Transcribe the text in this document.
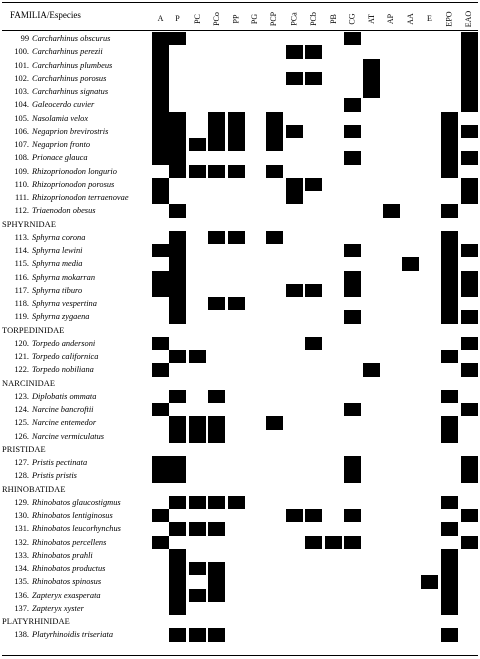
FAMILIA/Especies	A P PC PCo PP PG PCP PCa PCb PB CG AT AP AA E EPO EAO
99 Carcharhinus obscurus
100. Carcharhinus perezii
101. Carcharhinus plumbeus
102. Carcharhinus porosus
103. Carcharhinus signatus
104. Galeocerdo cuvier
105. Nasolamia velox
106. Negaprion brevirostris
107. Negaprion fronto
108. Prionace glauca
109. Rhizoprionodon longurio
110. Rhizoprionodon porosus
111. Rhizoprionodon terraenovae
112. Triaenodon obesus
SPHYRNIDAE
113. Sphyrna corona
114. Sphyrna lewini
115. Sphyrna media
116. Sphyrna mokarran
117. Sphyrna tiburo
118. Sphyrna vespertina
119. Sphyrna zygaena
TORPEDINIDAE
120. Torpedo andersoni
121. Torpedo californica
122. Torpedo nobiliana
NARCINIDAE
123. Diplobatis ommata
124. Narcine bancroftii
125. Narcine entemedor
126. Narcine vermiculatus
PRISTIDAE
127. Pristis pectinata
128. Pristis pristis
RHINOBATIDAE
129. Rhinobatos glaucostigmus
130. Rhinobatos lentiginosus
131. Rhinobatos leucorhynchus
132. Rhinobatos percellens
133. Rhinobatos prahli
134. Rhinobatos productus
135. Rhinobatos spinosus
136. Zapteryx exasperata
137. Zapteryx xyster
PLATYRHINIDAE
138. Platyrhinoidis triseriata
